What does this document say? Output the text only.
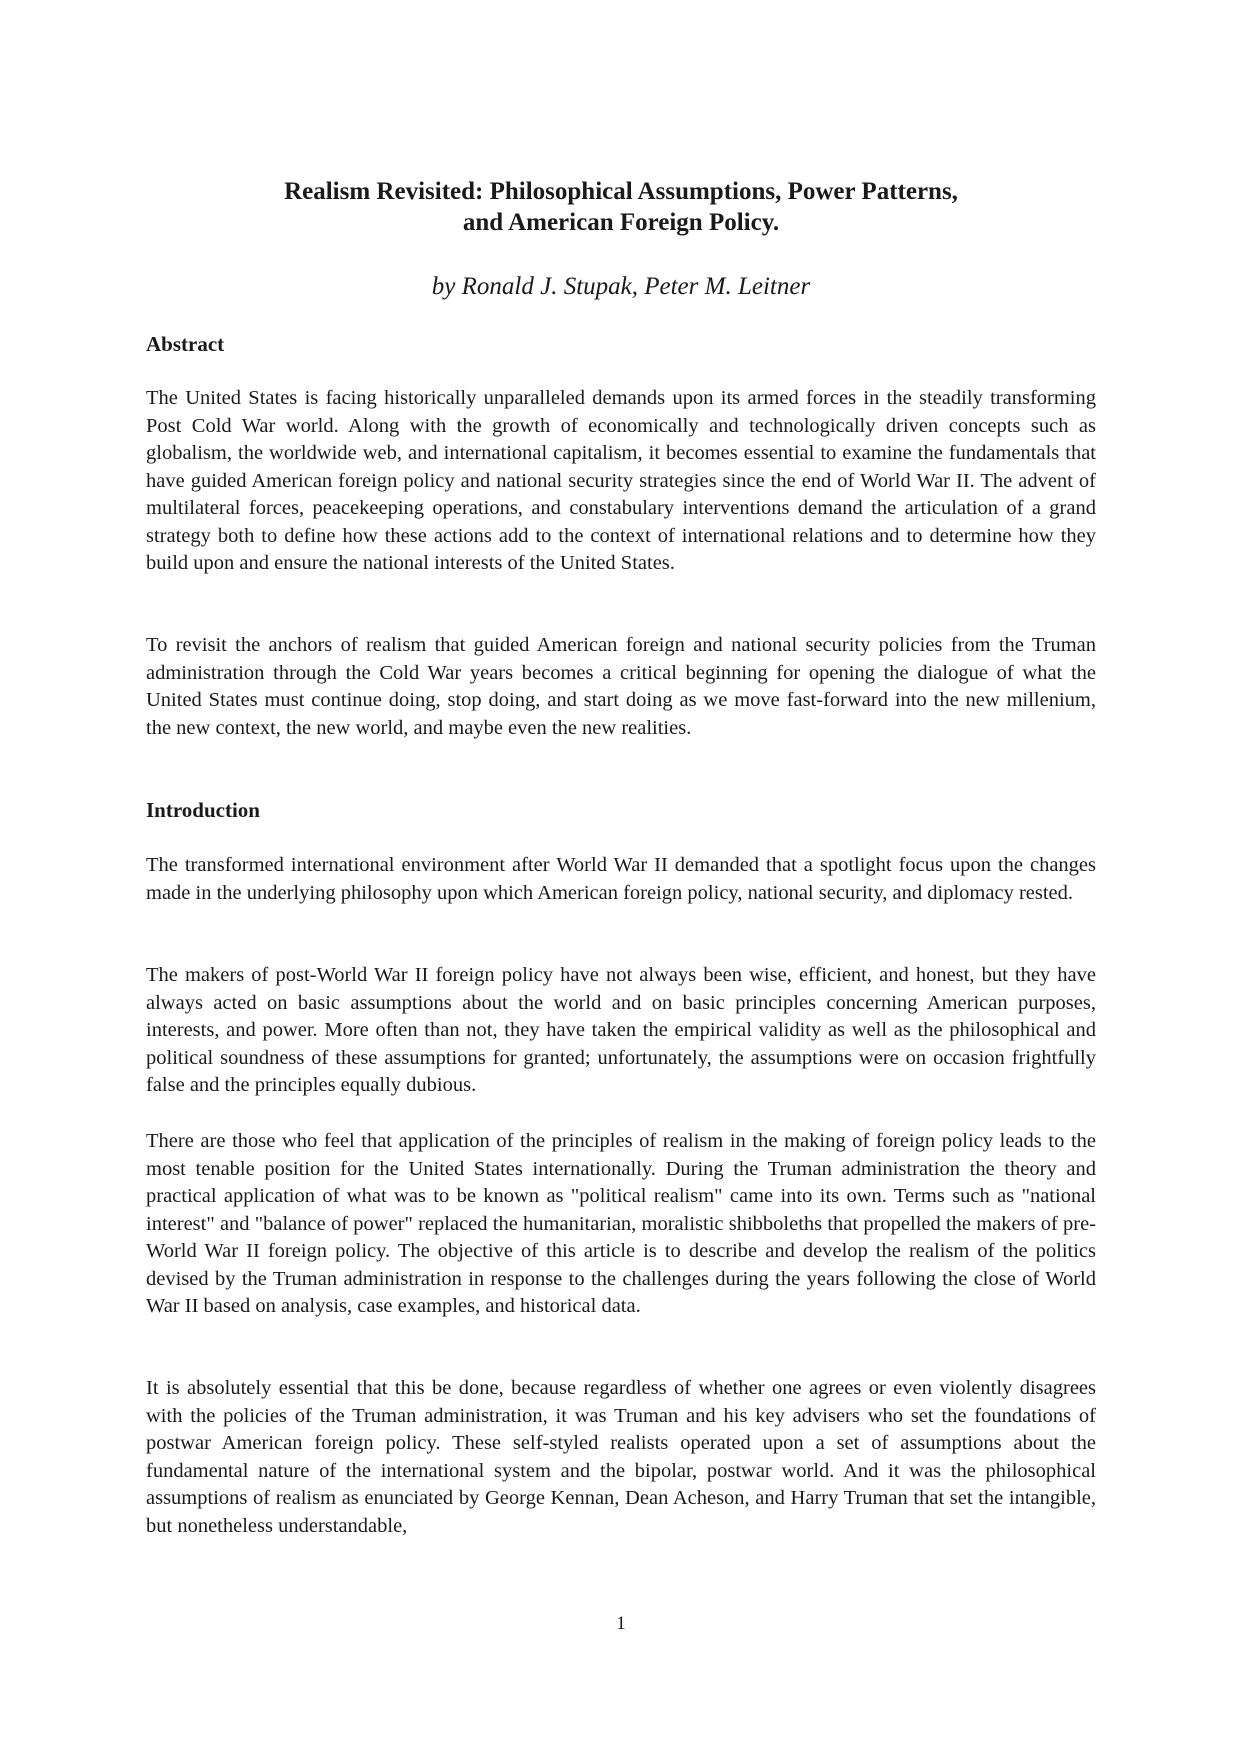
Realism Revisited: Philosophical Assumptions, Power Patterns,
and American Foreign Policy.
by Ronald J. Stupak, Peter M. Leitner
Abstract

The United States is facing historically unparalleled demands upon its armed forces in the steadily transforming Post Cold War world. Along with the growth of economically and technologically driven concepts such as globalism, the worldwide web, and international capitalism, it becomes essential to examine the fundamentals that have guided American foreign policy and national security strategies since the end of World War II. The advent of multilateral forces, peacekeeping operations, and constabulary interventions demand the articulation of a grand strategy both to define how these actions add to the context of international relations and to determine how they build upon and ensure the national interests of the United States.

To revisit the anchors of realism that guided American foreign and national security policies from the Truman administration through the Cold War years becomes a critical beginning for opening the dialogue of what the United States must continue doing, stop doing, and start doing as we move fast-forward into the new millenium, the new context, the new world, and maybe even the new realities.

Introduction

The transformed international environment after World War II demanded that a spotlight focus upon the changes made in the underlying philosophy upon which American foreign policy, national security, and diplomacy rested.

The makers of post-World War II foreign policy have not always been wise, efficient, and honest, but they have always acted on basic assumptions about the world and on basic principles concerning American purposes, interests, and power. More often than not, they have taken the empirical validity as well as the philosophical and political soundness of these assumptions for granted; unfortunately, the assumptions were on occasion frightfully false and the principles equally dubious.

There are those who feel that application of the principles of realism in the making of foreign policy leads to the most tenable position for the United States internationally. During the Truman administration the theory and practical application of what was to be known as "political realism" came into its own. Terms such as "national interest" and "balance of power" replaced the humanitarian, moralistic shibboleths that propelled the makers of pre-World War II foreign policy. The objective of this article is to describe and develop the realism of the politics devised by the Truman administration in response to the challenges during the years following the close of World War II based on analysis, case examples, and historical data.

It is absolutely essential that this be done, because regardless of whether one agrees or even violently disagrees with the policies of the Truman administration, it was Truman and his key advisers who set the foundations of postwar American foreign policy. These self-styled realists operated upon a set of assumptions about the fundamental nature of the international system and the bipolar, postwar world. And it was the philosophical assumptions of realism as enunciated by George Kennan, Dean Acheson, and Harry Truman that set the intangible, but nonetheless understandable,

1
